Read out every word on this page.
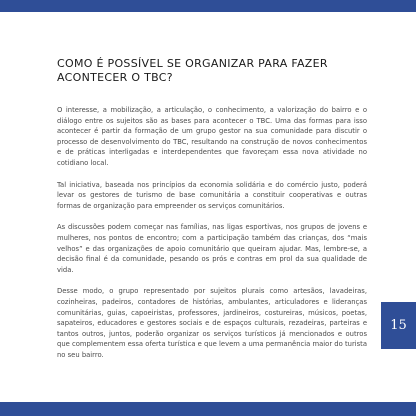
COMO É POSSÍVEL SE ORGANIZAR PARA FAZER ACONTECER O TBC?

O interesse, a mobilização, a articulação, o conhecimento, a valorização do bairro e o diálogo entre os sujeitos são as bases para acontecer o TBC. Uma das formas para isso acontecer é partir da formação de um grupo gestor na sua comunidade para discutir o processo de desenvolvimento do TBC, resultando na construção de novos conhecimentos e de práticas interligadas e interdependentes que favoreçam essa nova atividade no cotidiano local.

Tal iniciativa, baseada nos princípios da economia solidária e do comércio justo, poderá levar os gestores de turismo de base comunitária a constituir cooperativas e outras formas de organização para empreender os serviços comunitários.

As discussões podem começar nas famílias, nas ligas esportivas, nos grupos de jovens e mulheres, nos pontos de encontro; com a participação também das crianças, dos “mais velhos” e das organizações de apoio comunitário que queiram ajudar. Mas, lembre-se, a decisão final é da comunidade, pesando os prós e contras em prol da sua qualidade de vida.

Desse modo, o grupo representado por sujeitos plurais como artesãos, lavadeiras, cozinheiras, padeiros, contadores de histórias, ambulantes, articuladores e lideranças comunitárias, guias, capoeiristas, professores, jardineiros, costureiras, músicos, poetas, sapateiros, educadores e gestores sociais e de espaços culturais, rezadeiras, parteiras e tantos outros, juntos, poderão organizar os serviços turísticos já mencionados e outros que complementem essa oferta turística e que levem a uma permanência maior do turista no seu bairro.

15
